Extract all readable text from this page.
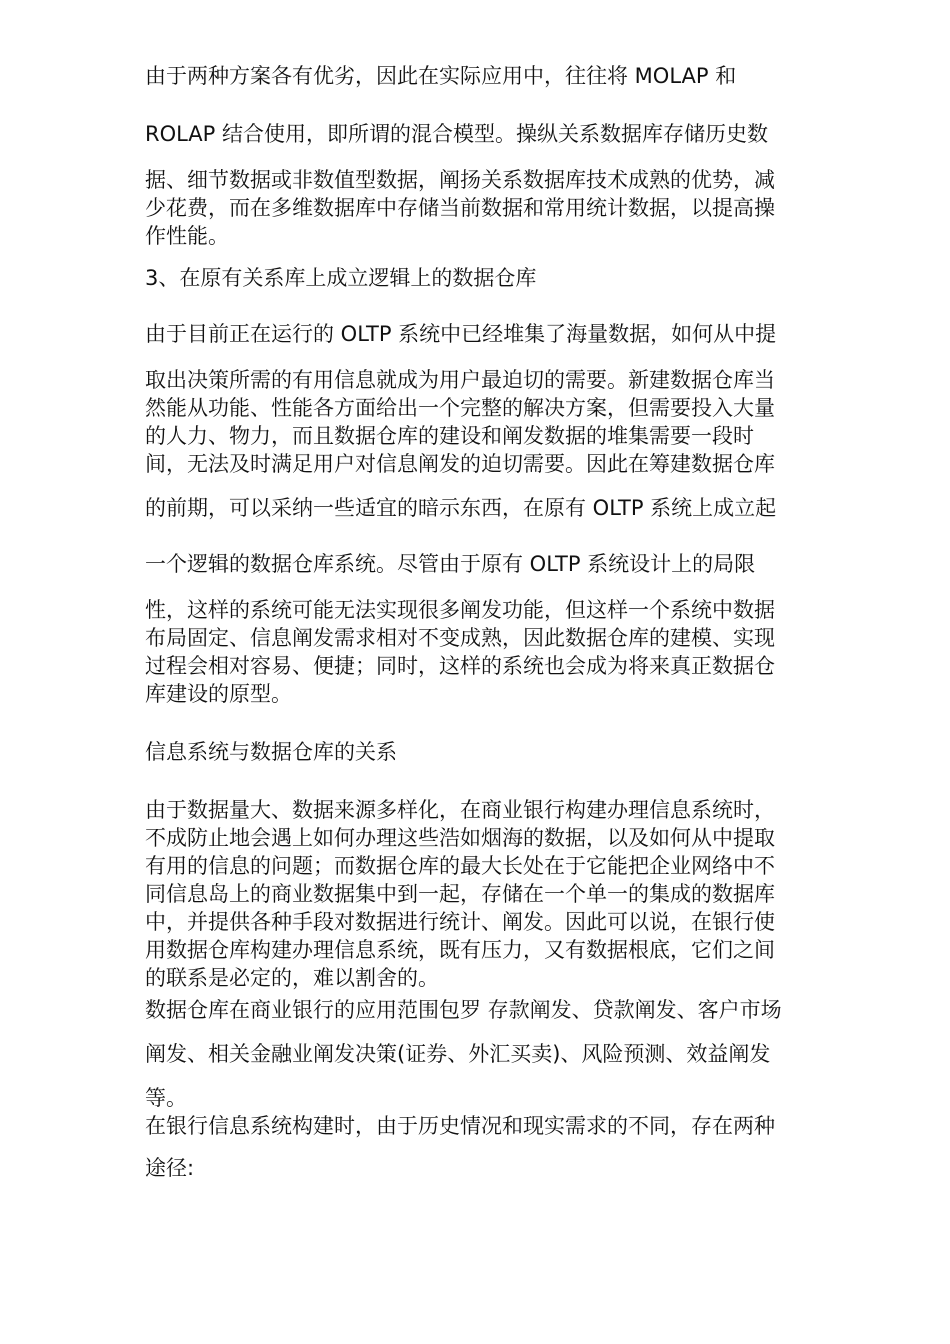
由于两种方案各有优劣，因此在实际应用中，往往将 MOLAP 和

ROLAP 结合使用，即所谓的混合模型。操纵关系数据库存储历史数

据、细节数据或非数值型数据，阐扬关系数据库技术成熟的优势，减

少花费，而在多维数据库中存储当前数据和常用统计数据，以提高操

作性能。

3、在原有关系库上成立逻辑上的数据仓库

由于目前正在运行的 OLTP 系统中已经堆集了海量数据，如何从中提

取出决策所需的有用信息就成为用户最迫切的需要。新建数据仓库当

然能从功能、性能各方面给出一个完整的解决方案，但需要投入大量

的人力、物力，而且数据仓库的建设和阐发数据的堆集需要一段时

间，无法及时满足用户对信息阐发的迫切需要。因此在筹建数据仓库

的前期，可以采纳一些适宜的暗示东西，在原有 OLTP 系统上成立起

一个逻辑的数据仓库系统。尽管由于原有 OLTP 系统设计上的局限

性，这样的系统可能无法实现很多阐发功能，但这样一个系统中数据

布局固定、信息阐发需求相对不变成熟，因此数据仓库的建模、实现

过程会相对容易、便捷；同时，这样的系统也会成为将来真正数据仓

库建设的原型。

信息系统与数据仓库的关系

由于数据量大、数据来源多样化，在商业银行构建办理信息系统时，

不成防止地会遇上如何办理这些浩如烟海的数据，以及如何从中提取

有用的信息的问题；而数据仓库的最大长处在于它能把企业网络中不

同信息岛上的商业数据集中到一起，存储在一个单一的集成的数据库

中，并提供各种手段对数据进行统计、阐发。因此可以说，在银行使

用数据仓库构建办理信息系统，既有压力，又有数据根底，它们之间

的联系是必定的，难以割舍的。

数据仓库在商业银行的应用范围包罗 存款阐发、贷款阐发、客户市场

阐发、相关金融业阐发决策(证券、外汇买卖)、风险预测、效益阐发

等。

在银行信息系统构建时，由于历史情况和现实需求的不同，存在两种

途径:
